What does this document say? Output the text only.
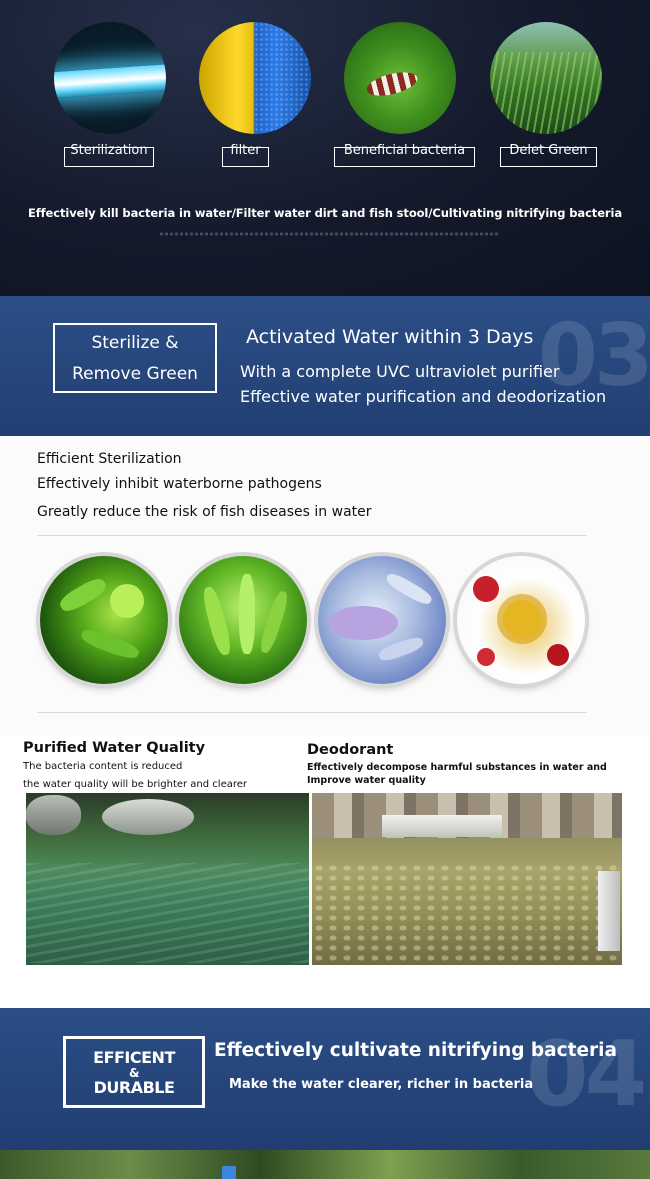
Sterilization	filter	Beneficial bacteria	Delet Green
Effectively kill bacteria in water/Filter water dirt and fish stool/Cultivating nitrifying bacteria
03
Sterilize &
Remove Green
Activated Water within 3 Days
With a complete UVC ultraviolet purifier
Effective water purification and deodorization
Efficient Sterilization
Effectively inhibit waterborne pathogens
Greatly reduce the risk of fish diseases in water
Purified Water Quality
The bacteria content is reduced
the water quality will be brighter and clearer
Deodorant
Effectively decompose harmful substances in water and
Improve water quality
04
EFFICENT
&
DURABLE
Effectively cultivate nitrifying bacteria
Make the water clearer, richer in bacteria
